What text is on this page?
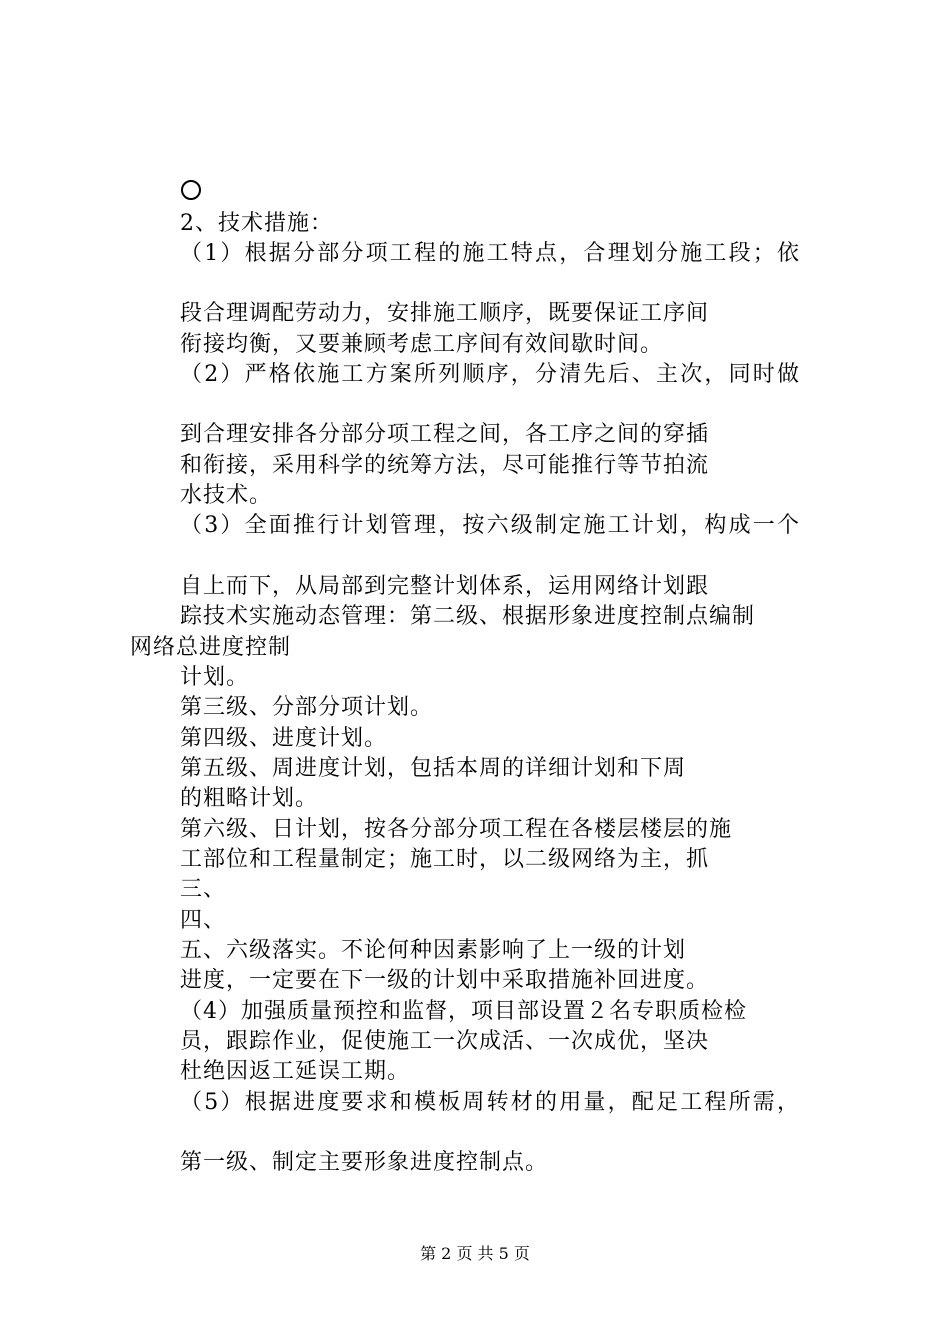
2、技术措施：
（1）根据分部分项工程的施工特点，合理划分施工段；依
段合理调配劳动力，安排施工顺序，既要保证工序间
衔接均衡，又要兼顾考虑工序间有效间歇时间。
（2）严格依施工方案所列顺序，分清先后、主次，同时做
到合理安排各分部分项工程之间，各工序之间的穿插
和衔接，采用科学的统筹方法，尽可能推行等节拍流
水技术。
（3）全面推行计划管理，按六级制定施工计划，构成一个
自上而下，从局部到完整计划体系，运用网络计划跟
踪技术实施动态管理：第二级、根据形象进度控制点编制
网络总进度控制
计划。
第三级、分部分项计划。
第四级、进度计划。
第五级、周进度计划，包括本周的详细计划和下周
的粗略计划。
第六级、日计划，按各分部分项工程在各楼层楼层的施
工部位和工程量制定；施工时，以二级网络为主，抓
三、
四、
五、六级落实。不论何种因素影响了上一级的计划
进度，一定要在下一级的计划中采取措施补回进度。
（4）加强质量预控和监督，项目部设置２名专职质检检
员，跟踪作业，促使施工一次成活、一次成优，坚决
杜绝因返工延误工期。
（5）根据进度要求和模板周转材的用量，配足工程所需，
第一级、制定主要形象进度控制点。
第 2 页 共 5 页
